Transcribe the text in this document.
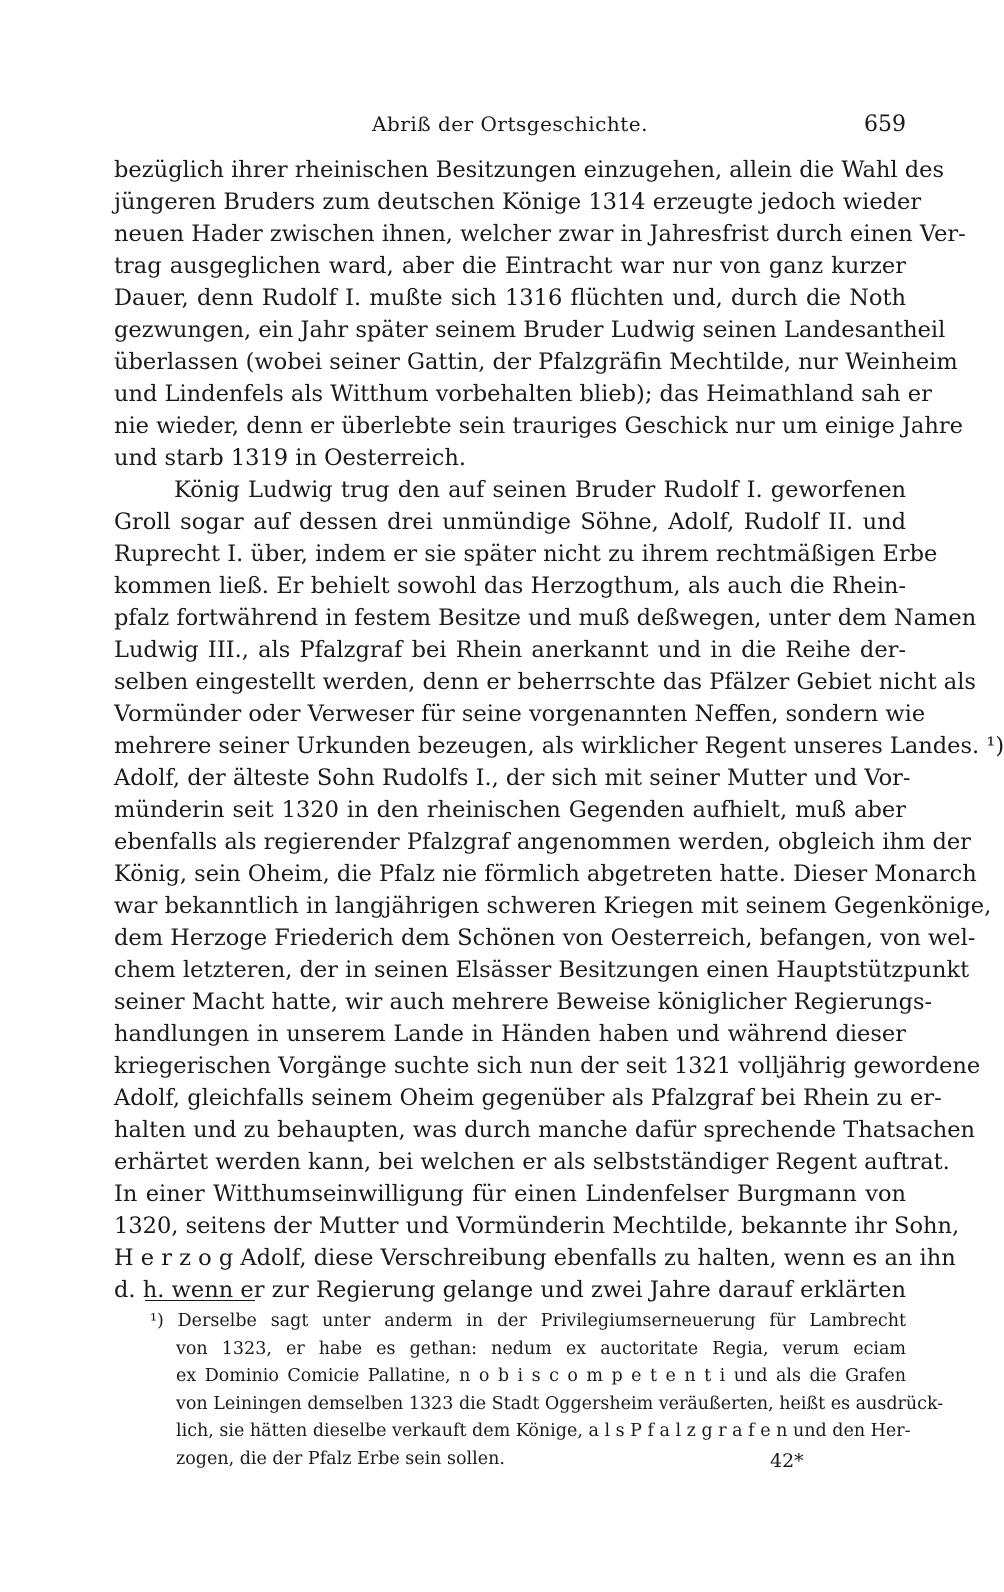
Abriß der Ortsgeschichte.	659
bezüglich ihrer rheinischen Besitzungen einzugehen, allein die Wahl des
jüngeren Bruders zum deutschen Könige 1314 erzeugte jedoch wieder
neuen Hader zwischen ihnen, welcher zwar in Jahresfrist durch einen Ver-
trag ausgeglichen ward, aber die Eintracht war nur von ganz kurzer
Dauer, denn Rudolf I. mußte sich 1316 flüchten und, durch die Noth
gezwungen, ein Jahr später seinem Bruder Ludwig seinen Landesantheil
überlassen (wobei seiner Gattin, der Pfalzgräfin Mechtilde, nur Weinheim
und Lindenfels als Witthum vorbehalten blieb); das Heimathland sah er
nie wieder, denn er überlebte sein trauriges Geschick nur um einige Jahre
und starb 1319 in Oesterreich.
König Ludwig trug den auf seinen Bruder Rudolf I. geworfenen
Groll sogar auf dessen drei unmündige Söhne, Adolf, Rudolf II. und
Ruprecht I. über, indem er sie später nicht zu ihrem rechtmäßigen Erbe
kommen ließ. Er behielt sowohl das Herzogthum, als auch die Rhein-
pfalz fortwährend in festem Besitze und muß deßwegen, unter dem Namen
Ludwig III., als Pfalzgraf bei Rhein anerkannt und in die Reihe der-
selben eingestellt werden, denn er beherrschte das Pfälzer Gebiet nicht als
Vormünder oder Verweser für seine vorgenannten Neffen, sondern wie
mehrere seiner Urkunden bezeugen, als wirklicher Regent unseres Landes. ¹)
Adolf, der älteste Sohn Rudolfs I., der sich mit seiner Mutter und Vor-
münderin seit 1320 in den rheinischen Gegenden aufhielt, muß aber
ebenfalls als regierender Pfalzgraf angenommen werden, obgleich ihm der
König, sein Oheim, die Pfalz nie förmlich abgetreten hatte. Dieser Monarch
war bekanntlich in langjährigen schweren Kriegen mit seinem Gegenkönige,
dem Herzoge Friederich dem Schönen von Oesterreich, befangen, von wel-
chem letzteren, der in seinen Elsässer Besitzungen einen Hauptstützpunkt
seiner Macht hatte, wir auch mehrere Beweise königlicher Regierungs-
handlungen in unserem Lande in Händen haben und während dieser
kriegerischen Vorgänge suchte sich nun der seit 1321 volljährig gewordene
Adolf, gleichfalls seinem Oheim gegenüber als Pfalzgraf bei Rhein zu er-
halten und zu behaupten, was durch manche dafür sprechende Thatsachen
erhärtet werden kann, bei welchen er als selbstständiger Regent auftrat.
In einer Witthumseinwilligung für einen Lindenfelser Burgmann von
1320, seitens der Mutter und Vormünderin Mechtilde, bekannte ihr Sohn,
H e r z o g Adolf, diese Verschreibung ebenfalls zu halten, wenn es an ihn
d. h. wenn er zur Regierung gelange und zwei Jahre darauf erklärten
¹) Derselbe sagt unter anderm in der Privilegiumserneuerung für Lambrecht
von 1323, er habe es gethan: nedum ex auctoritate Regia, verum eciam
ex Dominio Comicie Pallatine, n o b i s c o m p e t e n t i und als die Grafen
von Leiningen demselben 1323 die Stadt Oggersheim veräußerten, heißt es ausdrück-
lich, sie hätten dieselbe verkauft dem Könige, a l s P f a l z g r a f e n und den Her-
zogen, die der Pfalz Erbe sein sollen.	42*
